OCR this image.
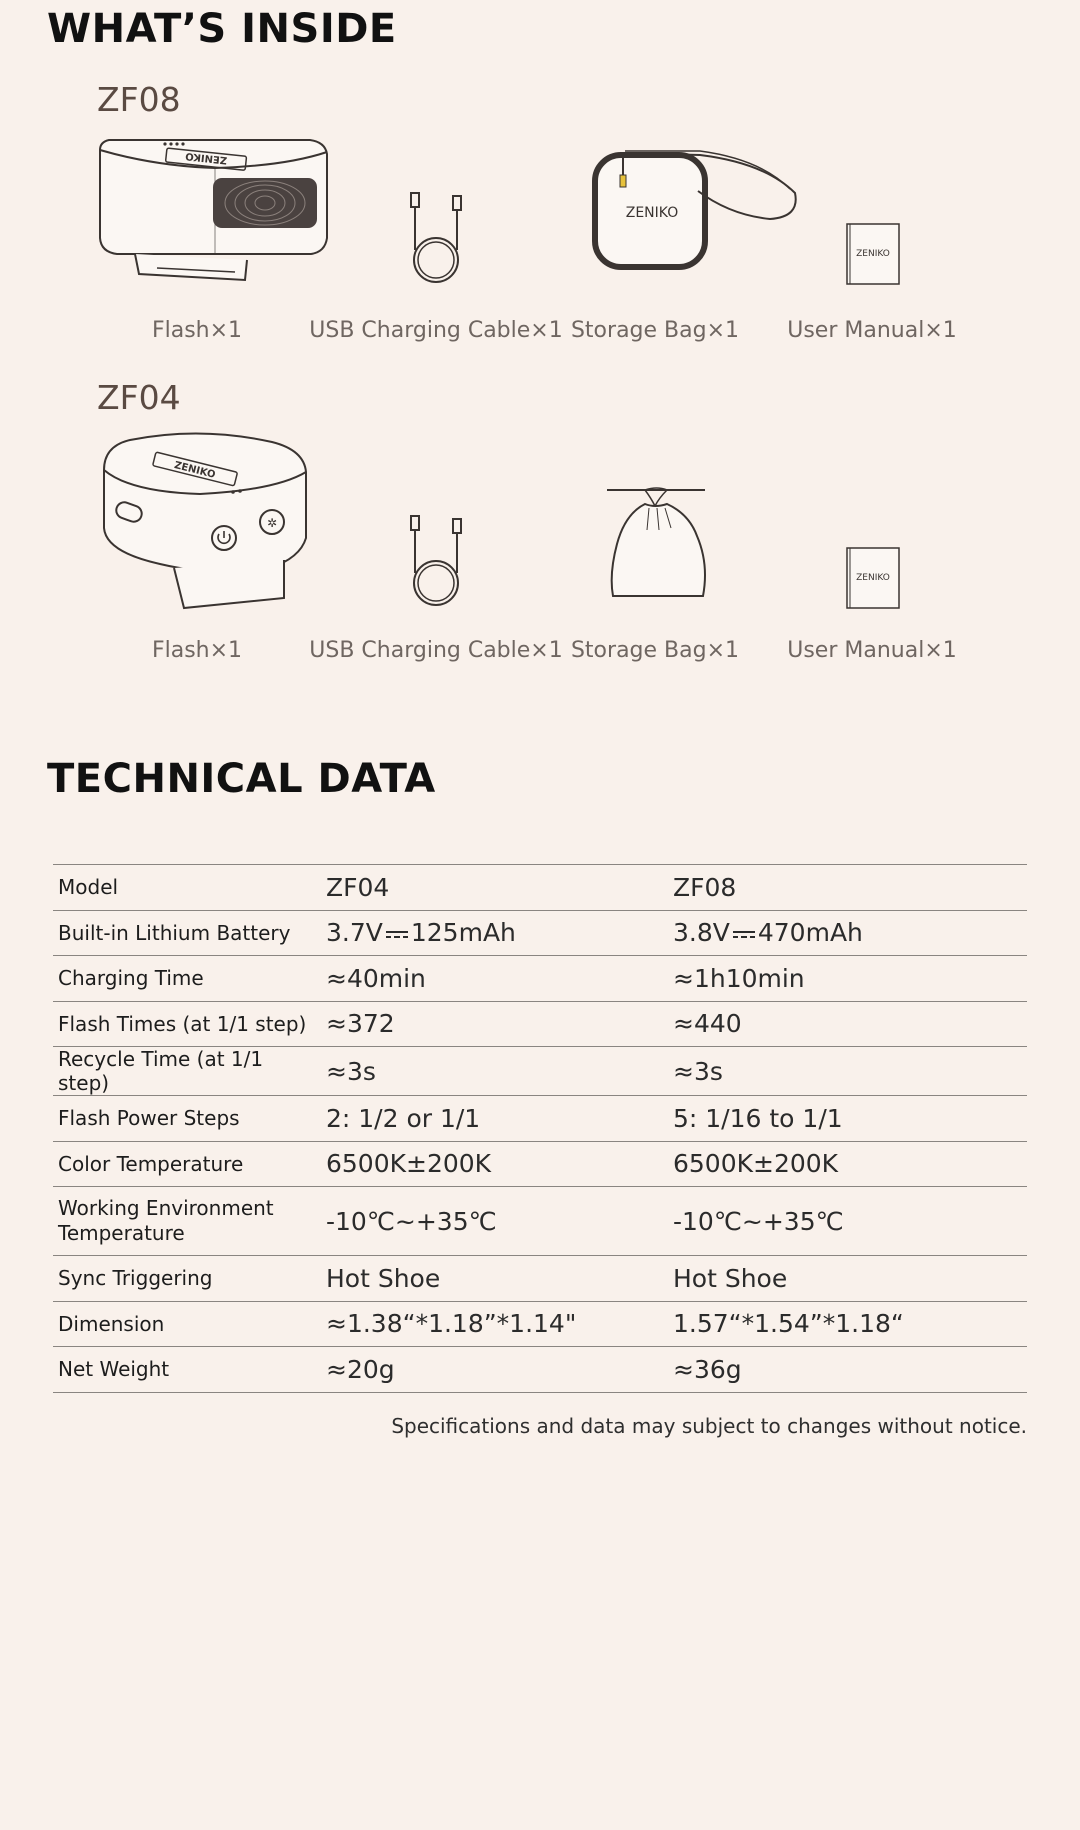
WHAT’S INSIDE
ZF08
ZENIKO
ZENIKO
ZENIKO
Flash×1	USB Charging Cable×1 Storage Bag×1	User Manual×1
ZF04
✲
ZENIKO
ZENIKO
Flash×1	USB Charging Cable×1 Storage Bag×1	User Manual×1
TECHNICAL DATA
Model	ZF04	ZF08
Built-in Lithium Battery	3.7V 125mAh	3.8V 470mAh
Charging Time	≈40min	≈1h10min
Flash Times (at 1/1 step)	≈372	≈440
Recycle Time (at 1/1 step)	≈3s	≈3s
Flash Power Steps	2: 1/2 or 1/1	5: 1/16 to 1/1
Color Temperature	6500K±200K	6500K±200K

Working Environment
Temperature	-10℃~+35℃	-10℃~+35℃
Sync Triggering	Hot Shoe	Hot Shoe
Dimension	≈1.38“*1.18”*1.14"	1.57“*1.54”*1.18“
Net Weight	≈20g	≈36g
Specifications and data may subject to changes without notice.
